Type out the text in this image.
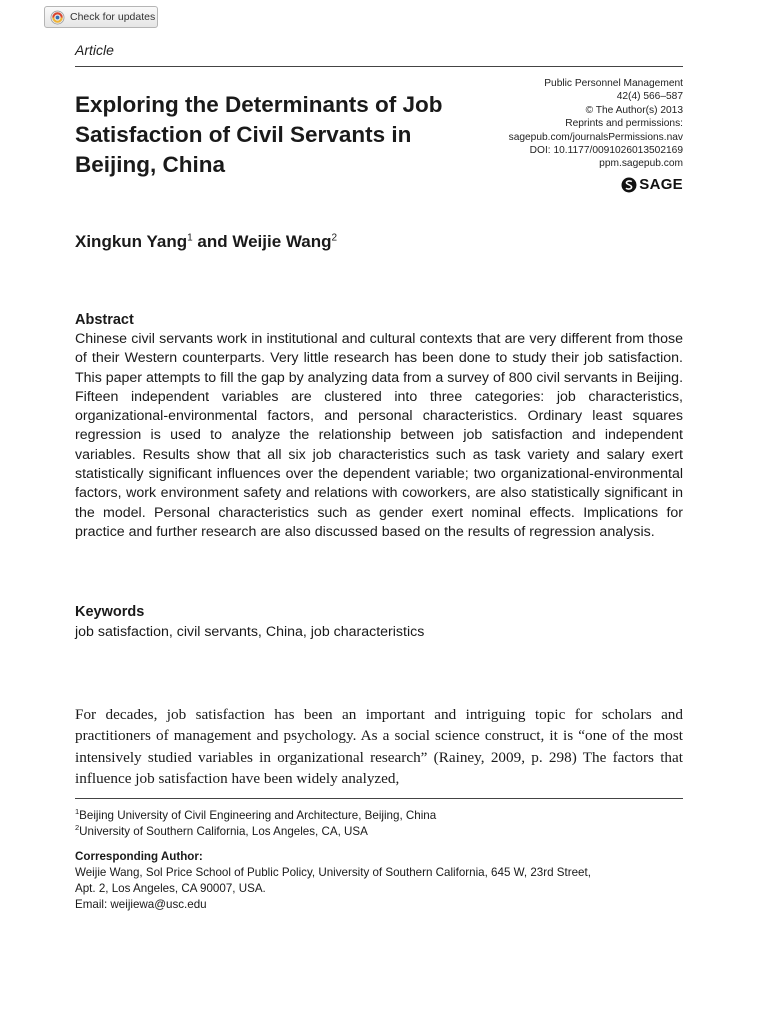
Check for updates
Article
Exploring the Determinants of Job Satisfaction of Civil Servants in Beijing, China
Public Personnel Management
42(4) 566–587
© The Author(s) 2013
Reprints and permissions:
sagepub.com/journalsPermissions.nav
DOI: 10.1177/0091026013502169
ppm.sagepub.com
SAGE
Xingkun Yang$^1$ and Weijie Wang$^2$
Abstract

Chinese civil servants work in institutional and cultural contexts that are very different from those of their Western counterparts. Very little research has been done to study their job satisfaction. This paper attempts to fill the gap by analyzing data from a survey of 800 civil servants in Beijing. Fifteen independent variables are clustered into three categories: job characteristics, organizational-environmental factors, and personal characteristics. Ordinary least squares regression is used to analyze the relationship between job satisfaction and independent variables. Results show that all six job characteristics such as task variety and salary exert statistically significant influences over the dependent variable; two organizational-environmental factors, work environment safety and relations with coworkers, are also statistically significant in the model. Personal characteristics such as gender exert nominal effects. Implications for practice and further research are also discussed based on the results of regression analysis.

Keywords
job satisfaction, civil servants, China, job characteristics

For decades, job satisfaction has been an important and intriguing topic for scholars and practitioners of management and psychology. As a social science construct, it is “one of the most intensively studied variables in organizational research” (Rainey, 2009, p. 298) The factors that influence job satisfaction have been widely analyzed,

$^1$Beijing University of Civil Engineering and Architecture, Beijing, China
$^2$University of Southern California, Los Angeles, CA, USA
Corresponding Author:
Weijie Wang, Sol Price School of Public Policy, University of Southern California, 645 W, 23rd Street,
Apt. 2, Los Angeles, CA 90007, USA.
Email: weijiewa@usc.edu
